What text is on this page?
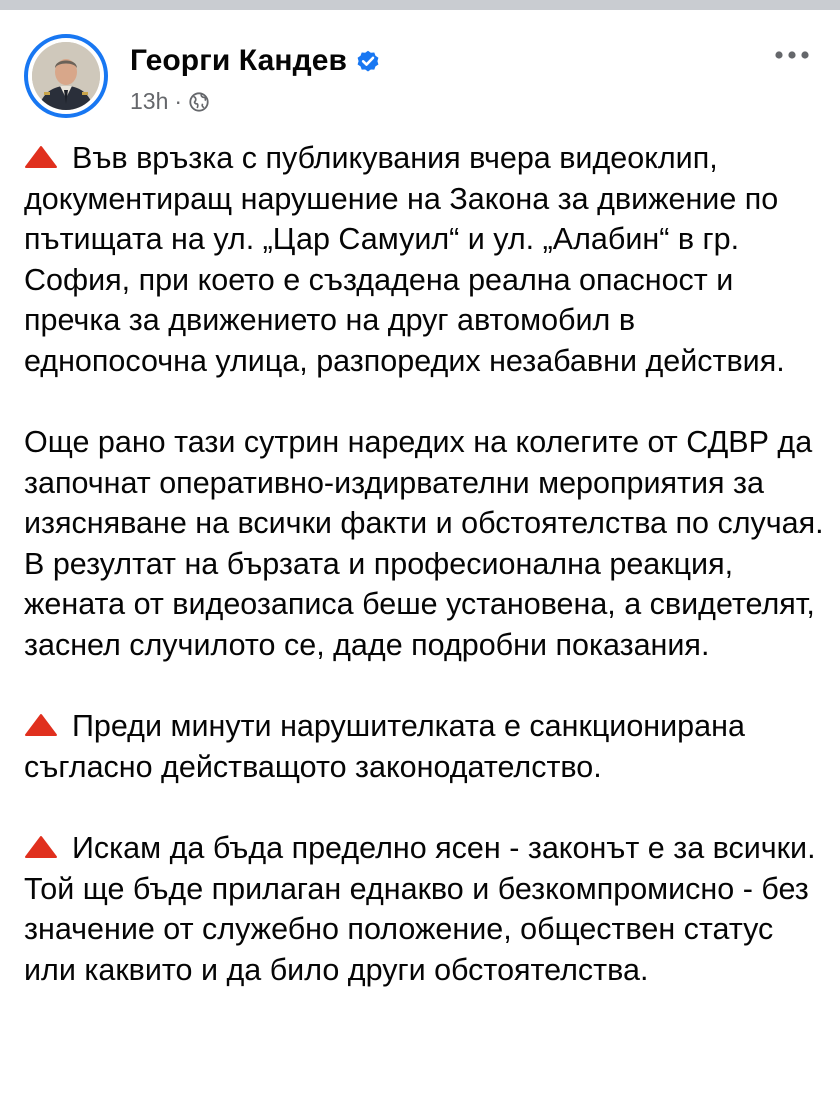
Георги Кандев
13h ·

Във връзка с публикувания вчера видеоклип, документиращ нарушение на Закона за движение по пътищата на ул. „Цар Самуил“ и ул. „Алабин“ в гр. София, при което е създадена реална опасност и пречка за движението на друг автомобил в еднопосочна улица, разпоредих незабавни действия.

Още рано тази сутрин наредих на колегите от СДВР да започнат оперативно-издирвателни мероприятия за изясняване на всички факти и обстоятелства по случая. В резултат на бързата и професионална реакция, жената от видеозаписа беше установена, а свидетелят, заснел случилото се, даде подробни показания.

Преди минути нарушителката е санкционирана съгласно действащото законодателство.

Искам да бъда пределно ясен - законът е за всички. Той ще бъде прилаган еднакво и безкомпромисно - без значение от служебно положение, обществен статус или каквито и да било други обстоятелства.
